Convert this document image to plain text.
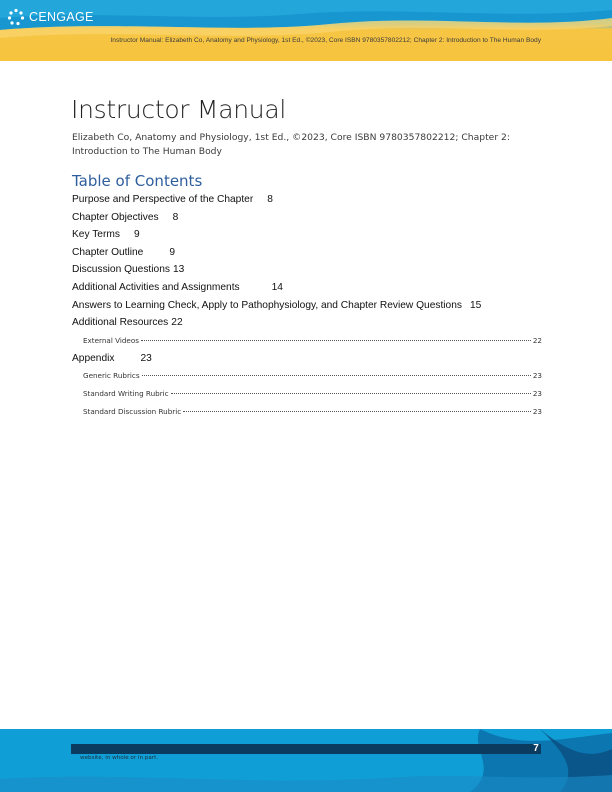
CENGAGE
Instructor Manual: Elizabeth Co, Anatomy and Physiology, 1st Ed., ©2023, Core ISBN 9780357802212; Chapter 2: Introduction to The Human Body
Instructor Manual
Elizabeth Co, Anatomy and Physiology, 1st Ed., ©2023, Core ISBN 9780357802212; Chapter 2: Introduction to The Human Body
Table of Contents
Purpose and Perspective of the Chapter 8
Chapter Objectives 8
Key Terms 9
Chapter Outline	9
Discussion Questions 13
Additional Activities and Assignments	14
Answers to Learning Check, Apply to Pathophysiology, and Chapter Review Questions 15
Additional Resources 22
External Videos	22
Appendix	23
Generic Rubrics	23
Standard Writing Rubric	23
Standard Discussion Rubric	23
website, in whole or in part.
7
